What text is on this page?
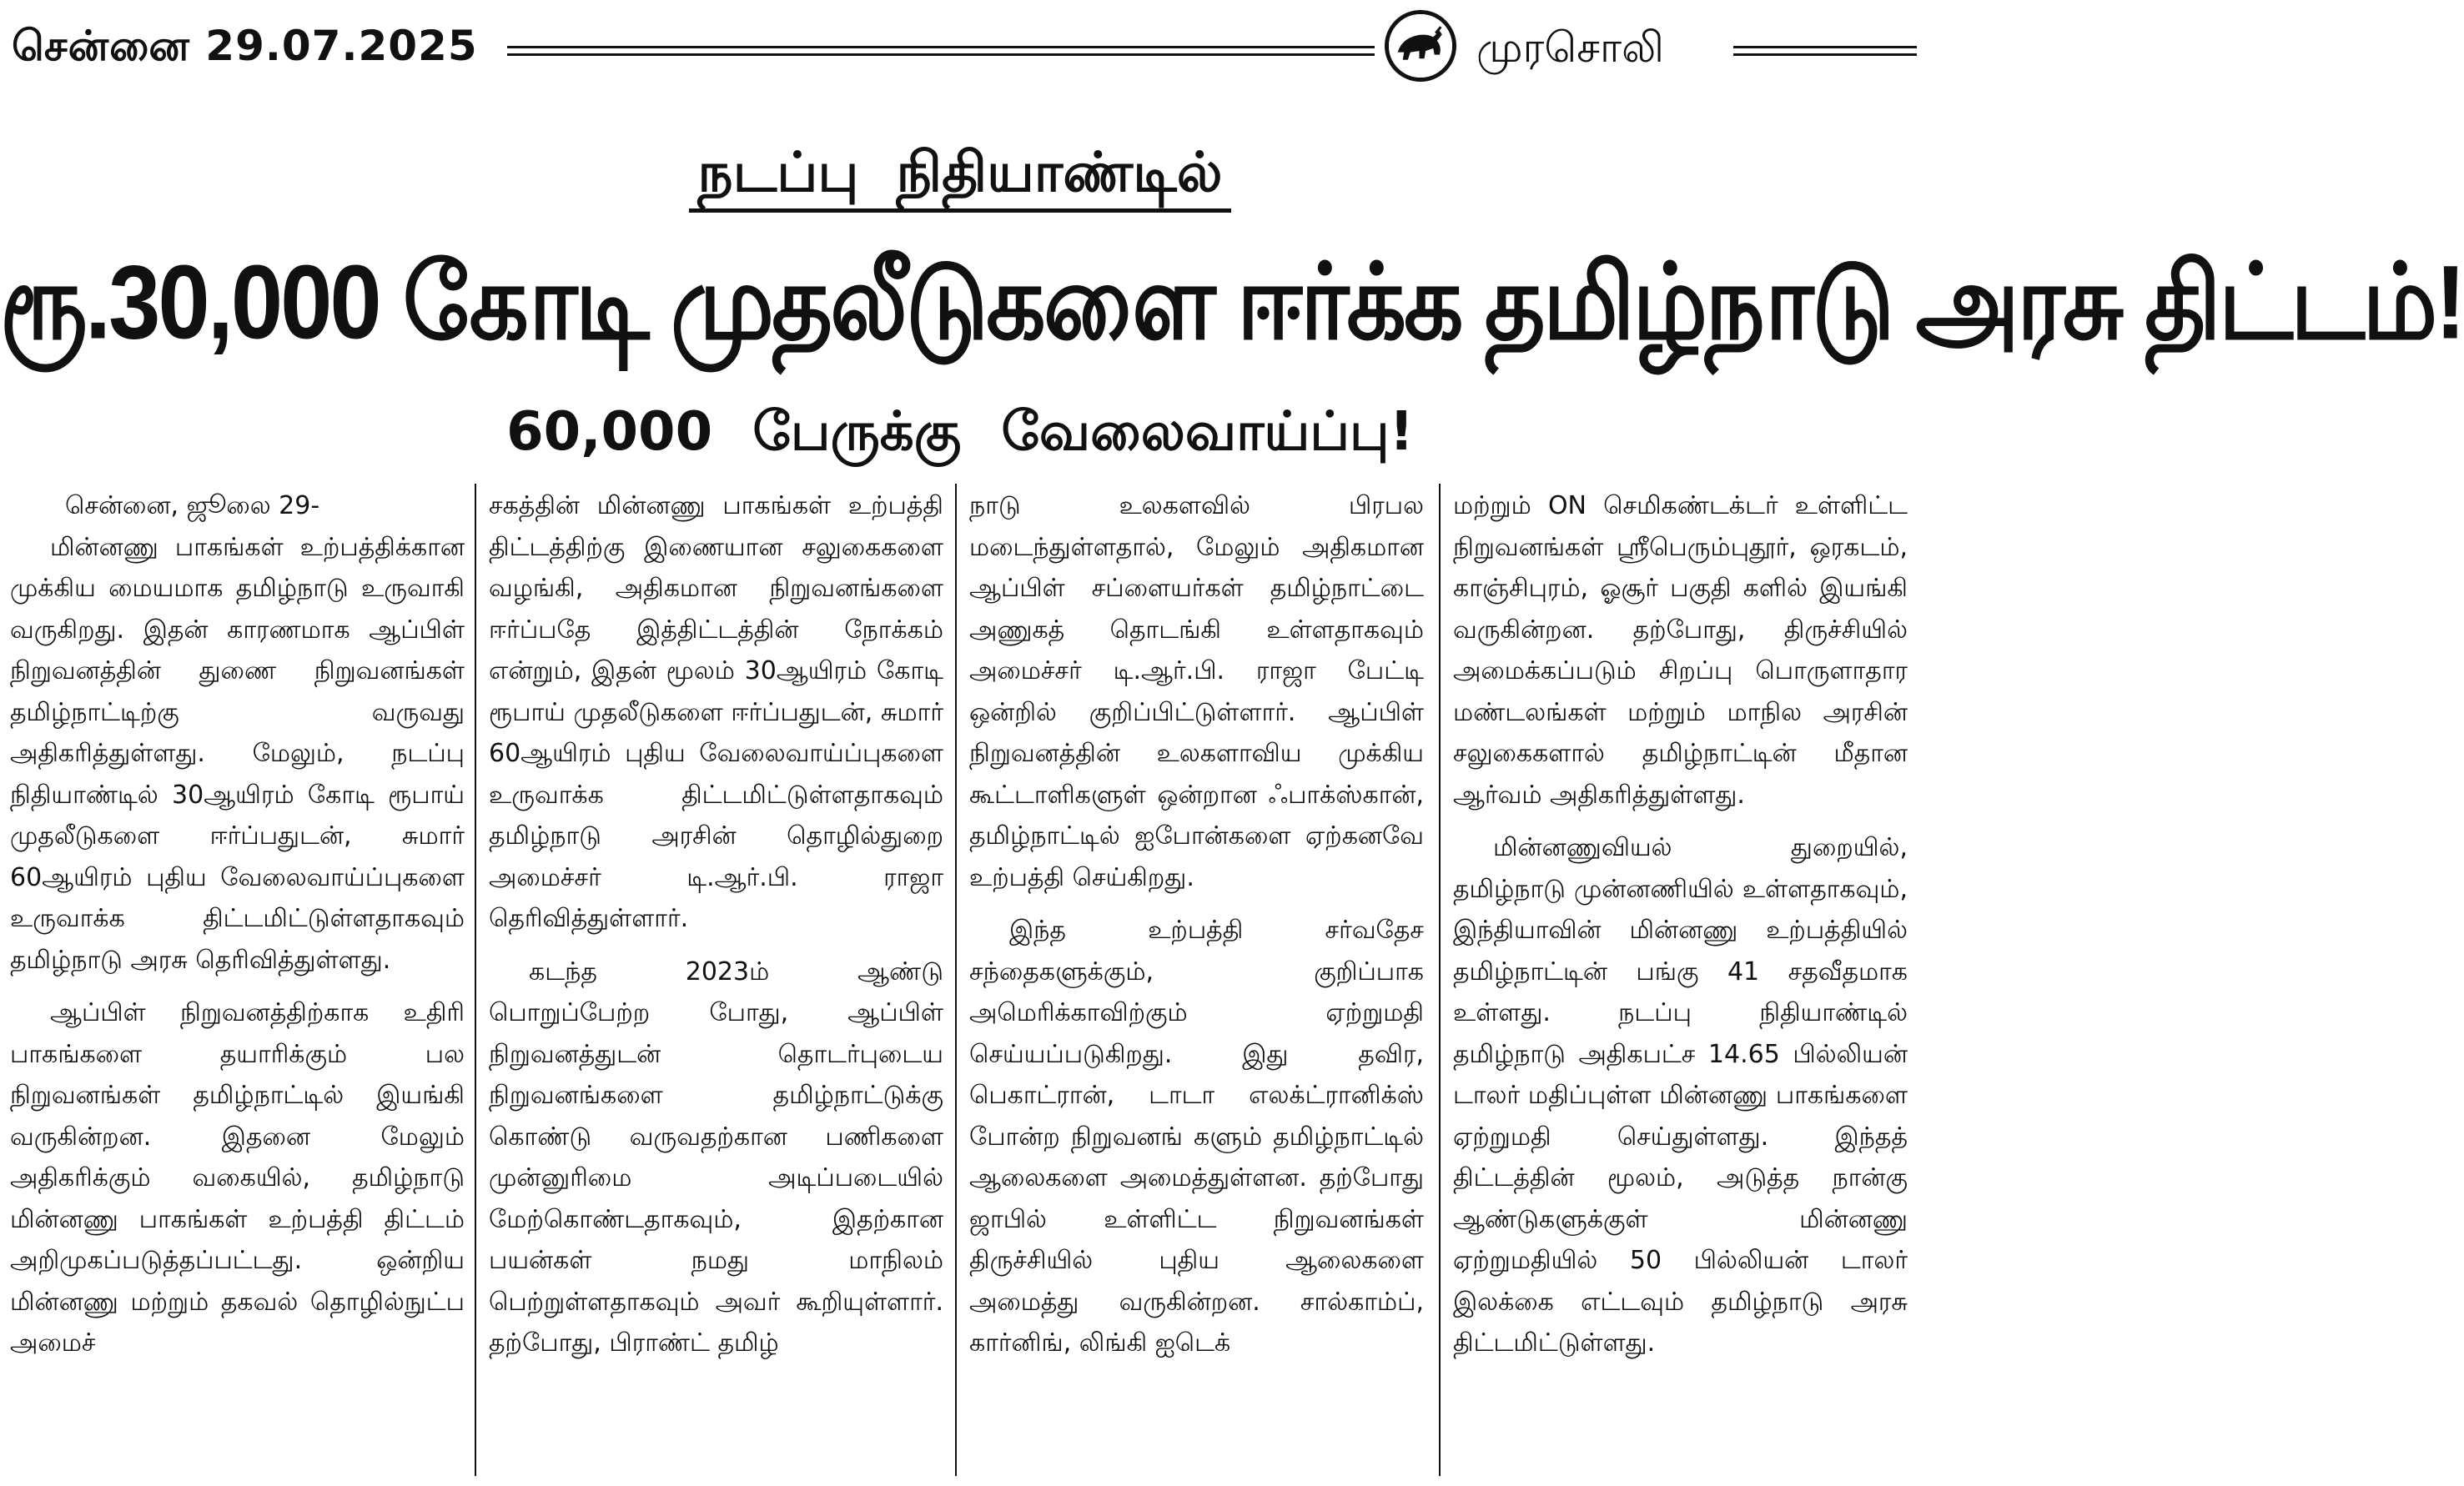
சென்னை 29.07.2025	முரசொலி
நடப்பு நிதியாண்டில்
ரூ.30,000 கோடி முதலீடுகளை ஈர்க்க தமிழ்நாடு அரசு திட்டம்!
60,000 பேருக்கு வேலைவாய்ப்பு!

சென்னை, ஜூலை 29-

மின்னணு பாகங்கள் உற்பத்திக்கான முக்கிய மையமாக தமிழ்நாடு உருவாகி வருகிறது. இதன் காரணமாக ஆப்பிள் நிறுவனத்தின் துணை நிறுவனங்கள் தமிழ்நாட்டிற்கு வருவது அதிகரித்துள்ளது. மேலும், நடப்பு நிதியாண்டில் 30ஆயிரம் கோடி ரூபாய் முதலீடுகளை ஈர்ப்பதுடன், சுமார் 60ஆயிரம் புதிய வேலைவாய்ப்புகளை உருவாக்க திட்டமிட்டுள்ளதாகவும் தமிழ்நாடு அரசு தெரிவித்துள்ளது.

ஆப்பிள் நிறுவனத்திற்காக உதிரி பாகங்களை தயாரிக்கும் பல நிறுவனங்கள் தமிழ்நாட்டில் இயங்கி வருகின்றன. இதனை மேலும் அதிகரிக்கும் வகையில், தமிழ்நாடு மின்னணு பாகங்கள் உற்பத்தி திட்டம் அறிமுகப்படுத்தப்பட்டது. ஒன்றிய மின்னணு மற்றும் தகவல் தொழில்நுட்ப அமைச்

சகத்தின் மின்னணு பாகங்கள் உற்பத்தி திட்டத்திற்கு இணையான சலுகைகளை வழங்கி, அதிகமான நிறுவனங்களை ஈர்ப்பதே இத்திட்டத்தின் நோக்கம் என்றும், இதன் மூலம் 30ஆயிரம் கோடி ரூபாய் முதலீடுகளை ஈர்ப்பதுடன், சுமார் 60ஆயிரம் புதிய வேலைவாய்ப்புகளை உருவாக்க திட்டமிட்டுள்ளதாகவும் தமிழ்நாடு அரசின் தொழில்துறை அமைச்சர் டி.ஆர்.பி. ராஜா தெரிவித்துள்ளார்.

கடந்த 2023ம் ஆண்டு பொறுப்பேற்ற போது, ஆப்பிள் நிறுவனத்துடன் தொடர்புடைய நிறுவனங்களை தமிழ்நாட்டுக்கு கொண்டு வருவதற்கான பணிகளை முன்னுரிமை அடிப்படையில் மேற்கொண்டதாகவும், இதற்கான பயன்கள் நமது மாநிலம் பெற்றுள்ளதாகவும் அவர் கூறியுள்ளார். தற்போது, பிராண்ட் தமிழ்

நாடு உலகளவில் பிரபல மடைந்துள்ளதால், மேலும் அதிகமான ஆப்பிள் சப்ளையர்கள் தமிழ்நாட்டை அணுகத் தொடங்கி உள்ளதாகவும் அமைச்சர் டி.ஆர்.பி. ராஜா பேட்டி ஒன்றில் குறிப்பிட்டுள்ளார். ஆப்பிள் நிறுவனத்தின் உலகளாவிய முக்கிய கூட்டாளிகளுள் ஒன்றான ஃபாக்ஸ்கான், தமிழ்நாட்டில் ஐபோன்களை ஏற்கனவே உற்பத்தி செய்கிறது.

இந்த உற்பத்தி சர்வதேச சந்தைகளுக்கும், குறிப்பாக அமெரிக்காவிற்கும் ஏற்றுமதி செய்யப்படுகிறது. இது தவிர, பெகாட்ரான், டாடா எலக்ட்ரானிக்ஸ் போன்ற நிறுவனங் களும் தமிழ்நாட்டில் ஆலைகளை அமைத்துள்ளன. தற்போது ஜாபில் உள்ளிட்ட நிறுவனங்கள் திருச்சியில் புதிய ஆலைகளை அமைத்து வருகின்றன. சால்காம்ப், கார்னிங், லிங்கி ஐடெக்

மற்றும் ON செமிகண்டக்டர் உள்ளிட்ட நிறுவனங்கள் ஸ்ரீபெரும்புதூர், ஒரகடம், காஞ்சிபுரம், ஓசூர் பகுதி களில் இயங்கி வருகின்றன. தற்போது, திருச்சியில் அமைக்கப்படும் சிறப்பு பொருளாதார மண்டலங்கள் மற்றும் மாநில அரசின் சலுகைகளால் தமிழ்நாட்டின் மீதான ஆர்வம் அதிகரித்துள்ளது.

மின்னணுவியல் துறையில், தமிழ்நாடு முன்னணியில் உள்ளதாகவும், இந்தியாவின் மின்னணு உற்பத்தியில் தமிழ்நாட்டின் பங்கு 41 சதவீதமாக உள்ளது. நடப்பு நிதியாண்டில் தமிழ்நாடு அதிகபட்ச 14.65 பில்லியன் டாலர் மதிப்புள்ள மின்னணு பாகங்களை ஏற்றுமதி செய்துள்ளது. இந்தத் திட்டத்தின் மூலம், அடுத்த நான்கு ஆண்டுகளுக்குள் மின்னணு ஏற்றுமதியில் 50 பில்லியன் டாலர் இலக்கை எட்டவும் தமிழ்நாடு அரசு திட்டமிட்டுள்ளது.
